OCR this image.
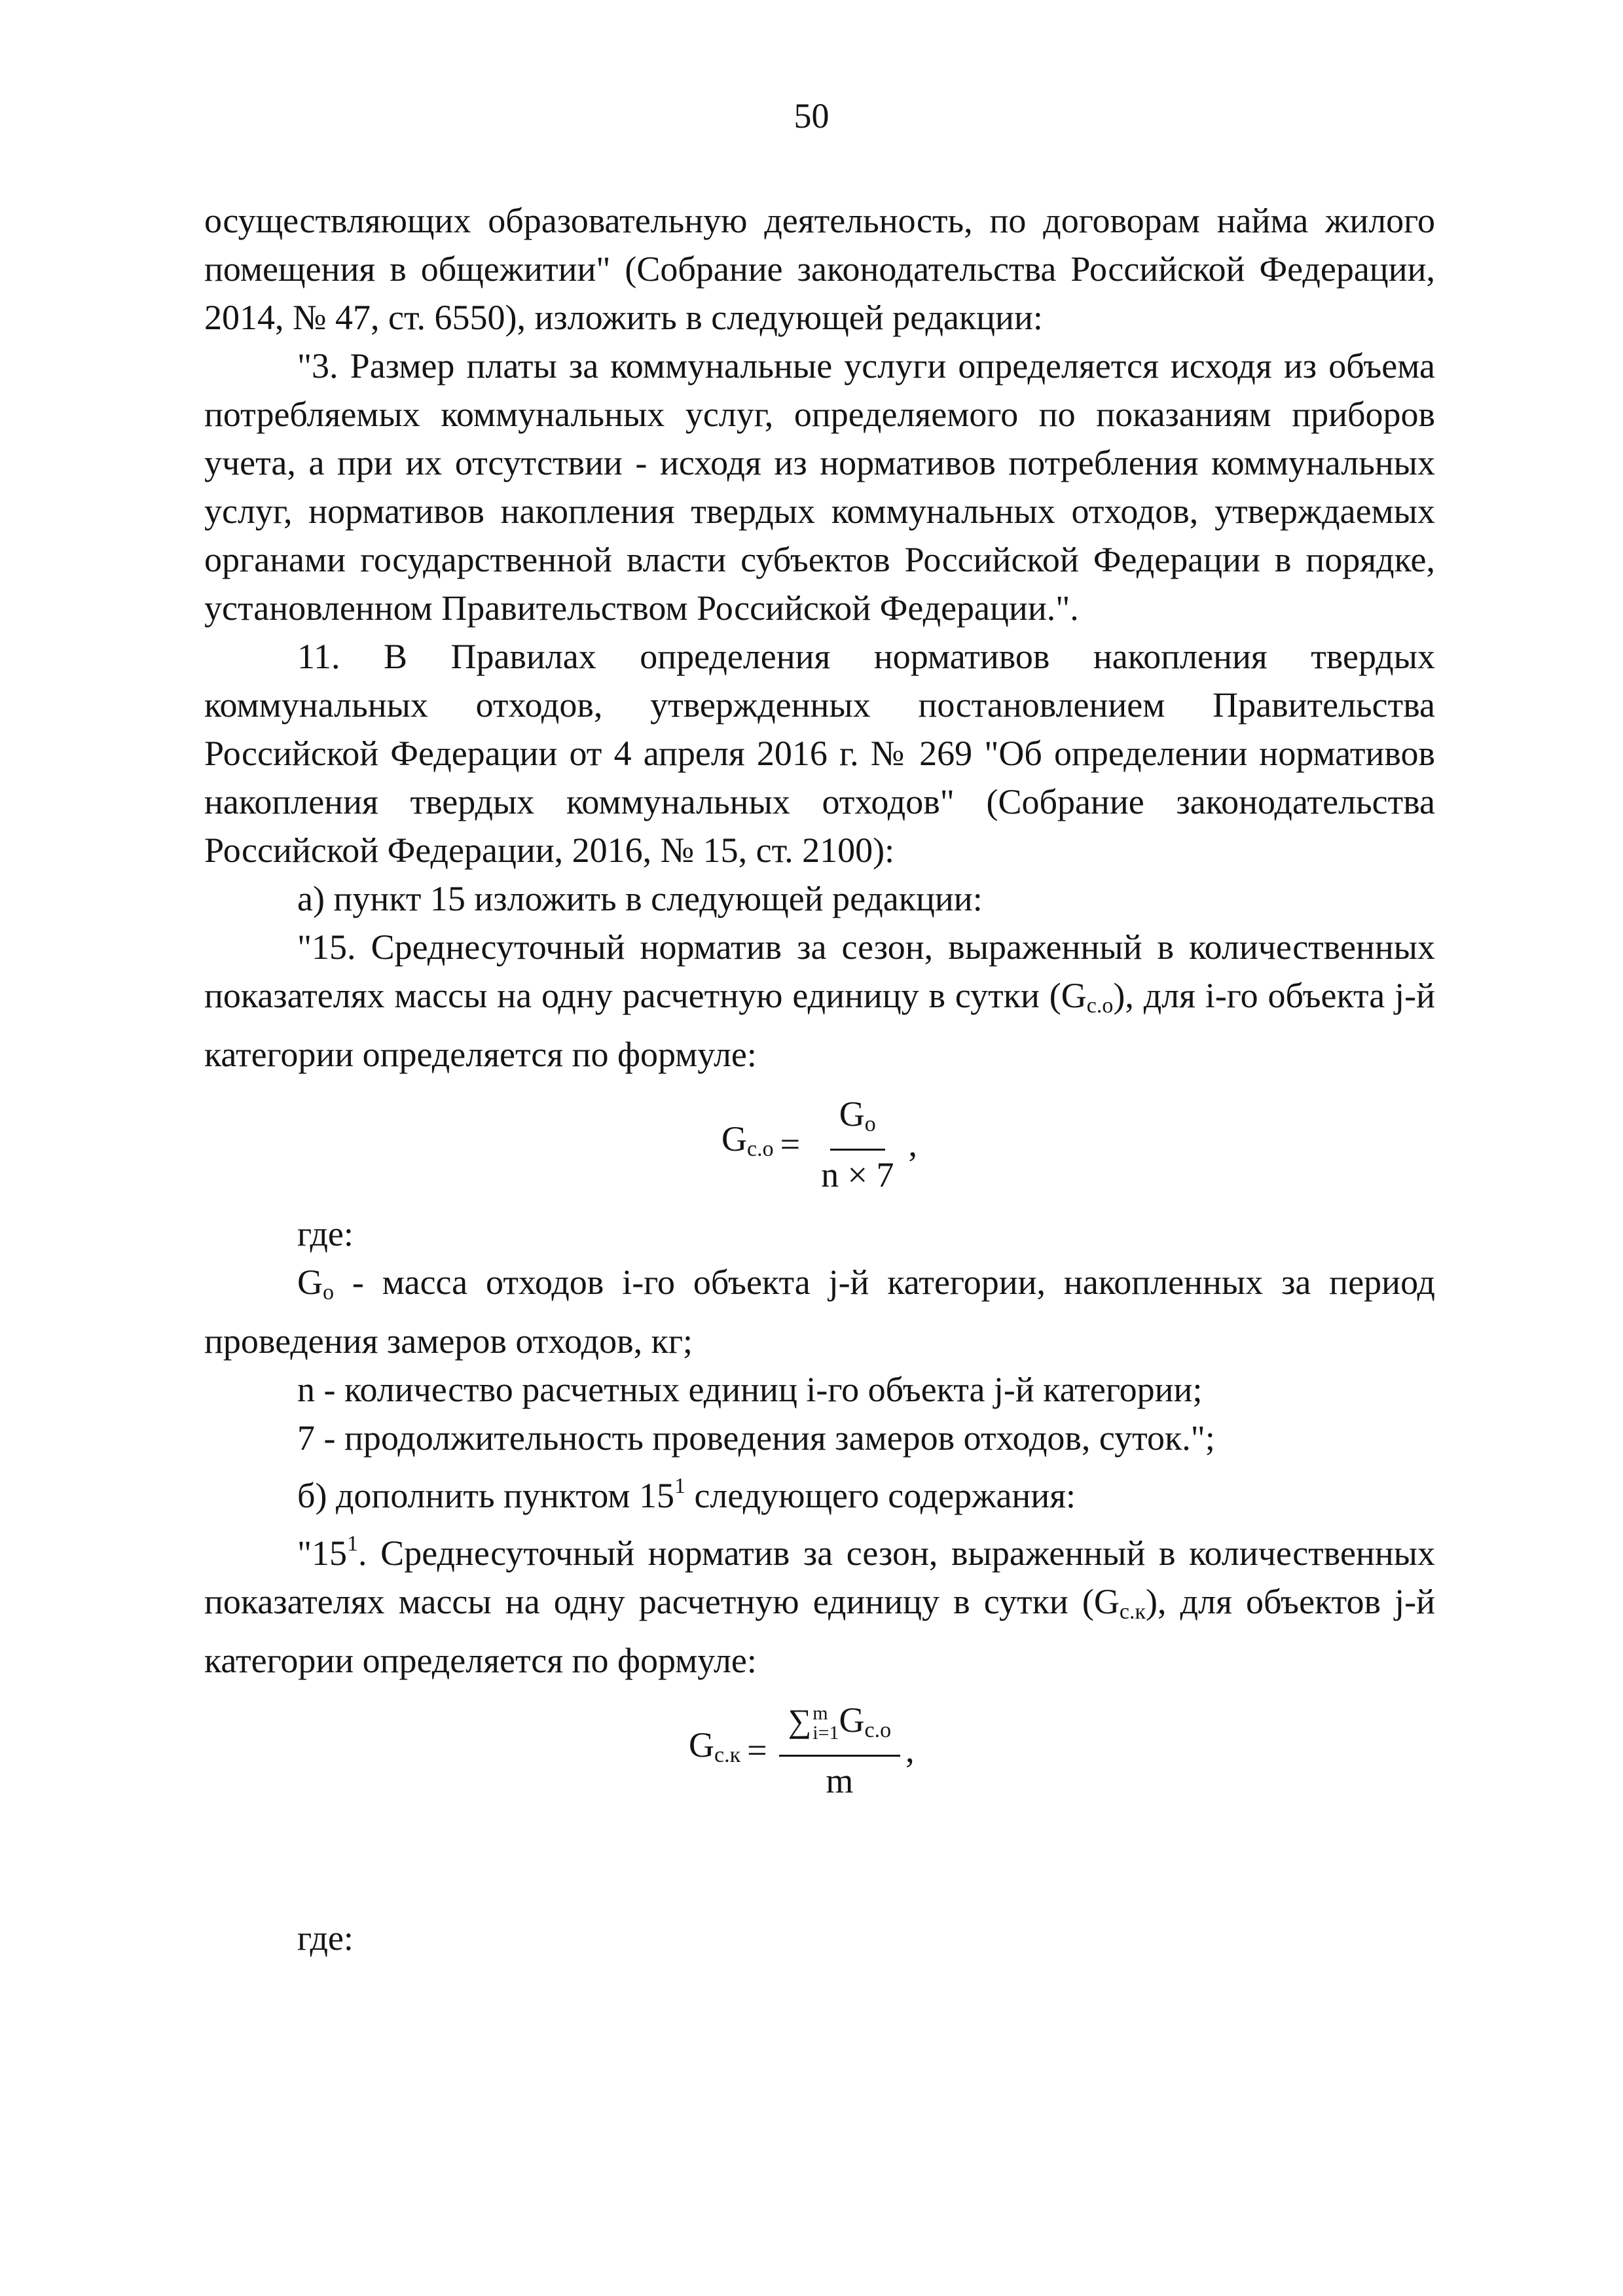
50

осуществляющих образовательную деятельность, по договорам найма жилого помещения в общежитии" (Собрание законодательства Российской Федерации, 2014, № 47, ст. 6550), изложить в следующей редакции:

"3. Размер платы за коммунальные услуги определяется исходя из объема потребляемых коммунальных услуг, определяемого по показаниям приборов учета, а при их отсутствии - исходя из нормативов потребления коммунальных услуг, нормативов накопления твердых коммунальных отходов, утверждаемых органами государственной власти субъектов Российской Федерации в порядке, установленном Правительством Российской Федерации.".

11. В Правилах определения нормативов накопления твердых коммунальных отходов, утвержденных постановлением Правительства Российской Федерации от 4 апреля 2016 г. № 269 "Об определении нормативов накопления твердых коммунальных отходов" (Собрание законодательства Российской Федерации, 2016, № 15, ст. 2100):

а) пункт 15 изложить в следующей редакции:

"15. Среднесуточный норматив за сезон, выраженный в количественных показателях массы на одну расчетную единицу в сутки $(G_{с.о})$, для i-го объекта j-й категории определяется по формуле:

$G_{с.о} = \frac{G_о}{n \times 7}$ ,

где:

$G_о$ - масса отходов i-го объекта j-й категории, накопленных за период проведения замеров отходов, кг;

n - количество расчетных единиц i-го объекта j-й категории;

7 - продолжительность проведения замеров отходов, суток.";

б) дополнить пунктом $15^1$ следующего содержания:

"$15^1$. Среднесуточный норматив за сезон, выраженный в количественных показателях массы на одну расчетную единицу в сутки $(G_{с.к})$, для объектов j-й категории определяется по формуле:

$G_{с.к}$ = ∑ m
i=1 $G_{с.о}$
m ,

где:
